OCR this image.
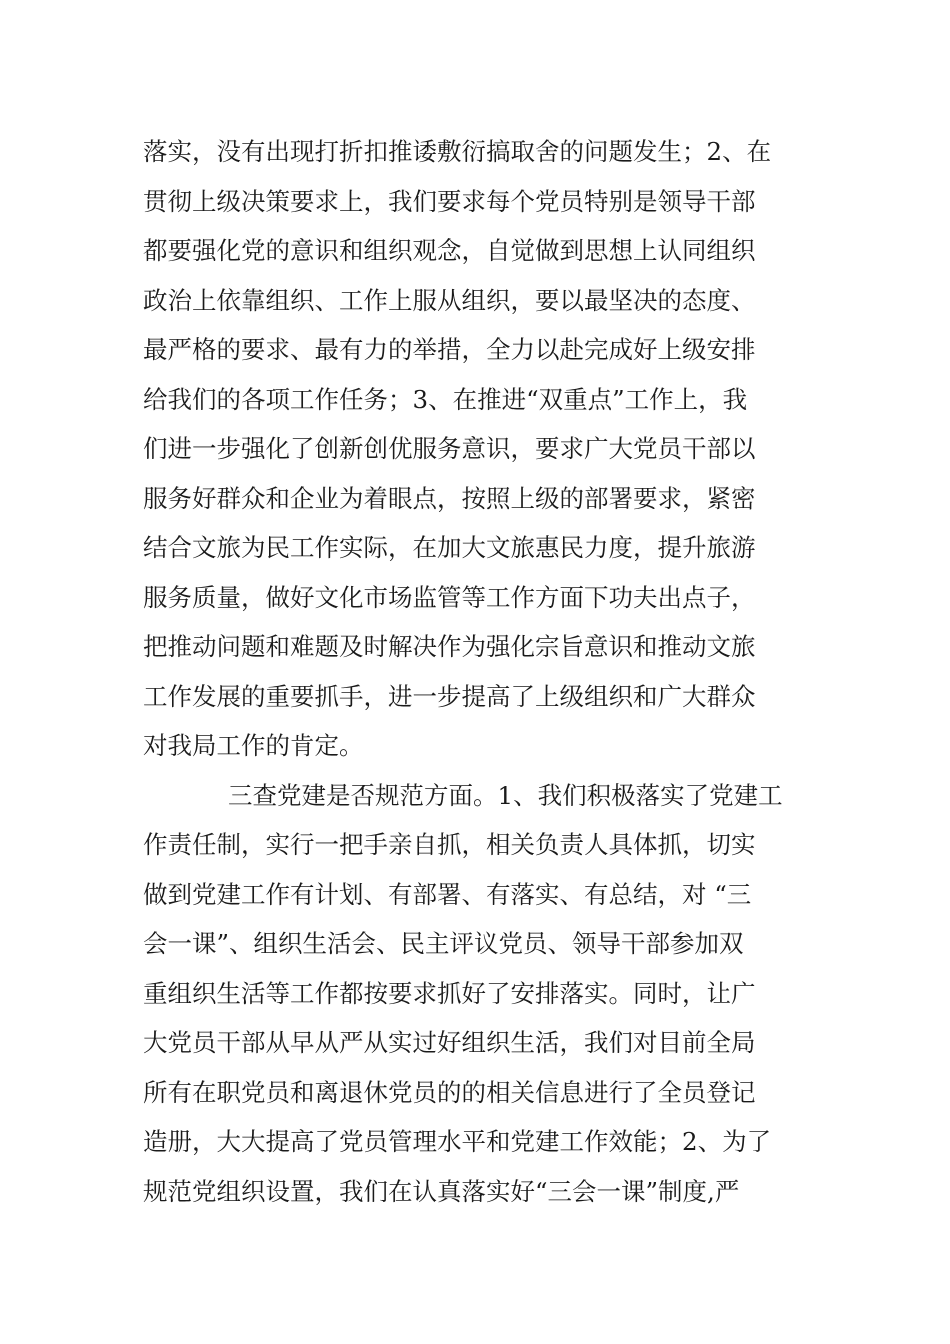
落实，没有出现打折扣推诿敷衍搞取舍的问题发生；2、在
贯彻上级决策要求上，我们要求每个党员特别是领导干部
都要强化党的意识和组织观念，自觉做到思想上认同组织
政治上依靠组织、工作上服从组织，要以最坚决的态度、
最严格的要求、最有力的举措，全力以赴完成好上级安排
给我们的各项工作任务；3、在推进“双重点”工作上，我
们进一步强化了创新创优服务意识，要求广大党员干部以
服务好群众和企业为着眼点，按照上级的部署要求，紧密
结合文旅为民工作实际，在加大文旅惠民力度，提升旅游
服务质量，做好文化市场监管等工作方面下功夫出点子，
把推动问题和难题及时解决作为强化宗旨意识和推动文旅
工作发展的重要抓手，进一步提高了上级组织和广大群众
对我局工作的肯定。
三查党建是否规范方面。1、我们积极落实了党建工
作责任制，实行一把手亲自抓，相关负责人具体抓，切实
做到党建工作有计划、有部署、有落实、有总结，对 “三
会一课”、组织生活会、民主评议党员、领导干部参加双
重组织生活等工作都按要求抓好了安排落实。同时，让广
大党员干部从早从严从实过好组织生活，我们对目前全局
所有在职党员和离退休党员的的相关信息进行了全员登记
造册，大大提高了党员管理水平和党建工作效能；2、为了
规范党组织设置，我们在认真落实好“三会一课”制度,严
